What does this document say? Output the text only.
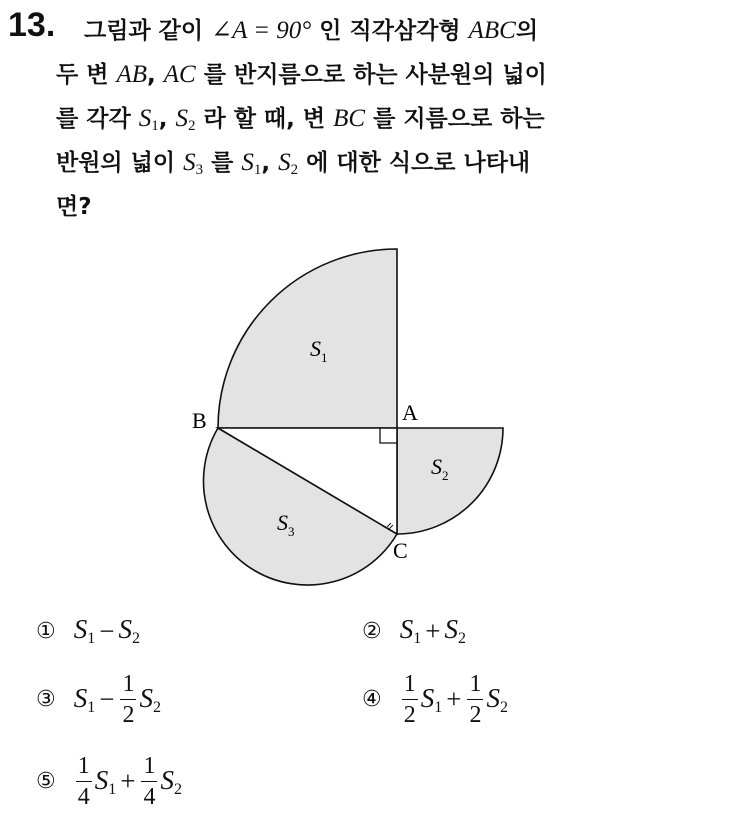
13. 그림과 같이 ∠A = 90° 인 직각삼각형 ABC의
두 변 AB, AC 를 반지름으로 하는 사분원의 넓이
를 각각 $S_1$, $S_2$ 라 할 때, 변 BC 를 지름으로 하는
반원의 넓이 $S_3$ 를 $S_1$, $S_2$ 에 대한 식으로 나타내
면?
B	A
C
$S_1$
$S_2$
$S_3$
① $S_1 - S_2$	② $S_1 + S_2$
③ $S_1 - \frac{1}{2} S_2$	④ $\frac{1}{2} S_1 + \frac{1}{2} S_2$
⑤ $\frac{1}{4} S_1 + \frac{1}{4} S_2$
